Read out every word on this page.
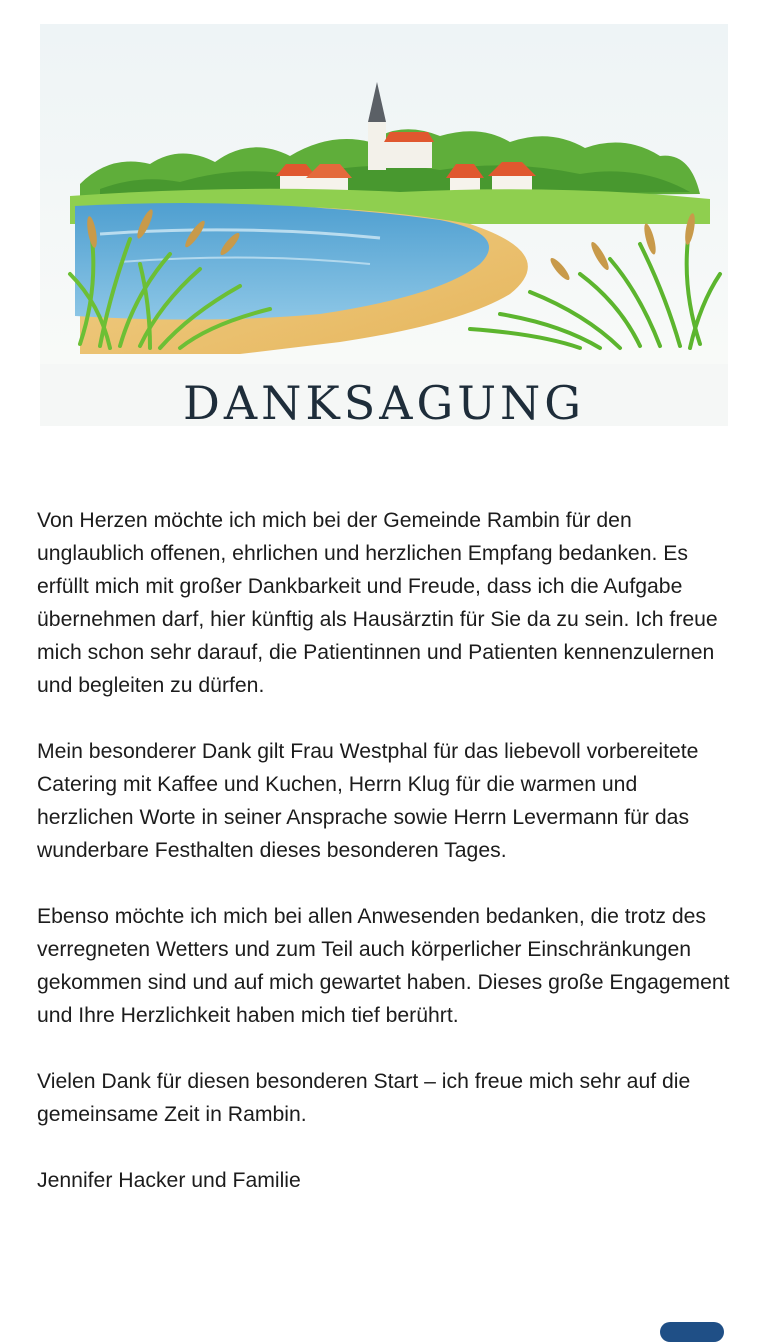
DANKSAGUNG

Von Herzen möchte ich mich bei der Gemeinde Rambin für den unglaublich offenen, ehrlichen und herzlichen Empfang bedanken. Es erfüllt mich mit großer Dankbarkeit und Freude, dass ich die Aufgabe übernehmen darf, hier künftig als Hausärztin für Sie da zu sein. Ich freue mich schon sehr darauf, die Patientinnen und Patienten kennenzulernen und begleiten zu dürfen.

Mein besonderer Dank gilt Frau Westphal für das liebevoll vorbereitete Catering mit Kaffee und Kuchen, Herrn Klug für die warmen und herzlichen Worte in seiner Ansprache sowie Herrn Levermann für das wunderbare Festhalten dieses besonderen Tages.

Ebenso möchte ich mich bei allen Anwesenden bedanken, die trotz des verregneten Wetters und zum Teil auch körperlicher Einschränkungen gekommen sind und auf mich gewartet haben. Dieses große Engagement und Ihre Herzlichkeit haben mich tief berührt.

Vielen Dank für diesen besonderen Start – ich freue mich sehr auf die gemeinsame Zeit in Rambin.

Jennifer Hacker und Familie
